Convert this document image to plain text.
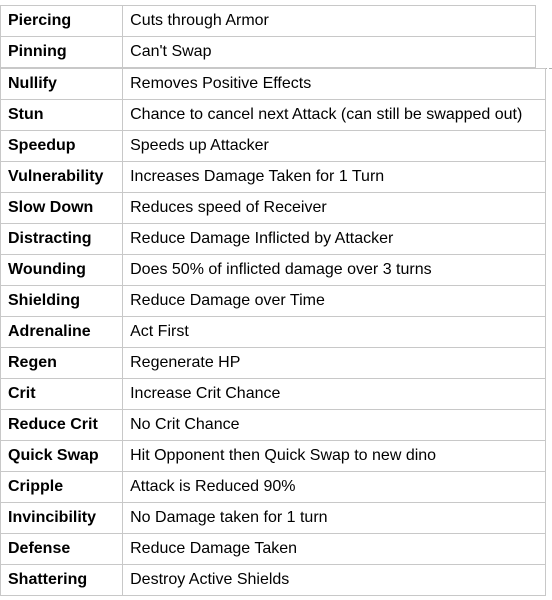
Piercing	Cuts through Armor
Pinning	Can't Swap
Nullify	Removes Positive Effects
Stun	Chance to cancel next Attack (can still be swapped out)
Speedup	Speeds up Attacker
Vulnerability	Increases Damage Taken for 1 Turn
Slow Down	Reduces speed of Receiver
Distracting	Reduce Damage Inflicted by Attacker
Wounding	Does 50% of inflicted damage over 3 turns
Shielding	Reduce Damage over Time
Adrenaline	Act First
Regen	Regenerate HP
Crit	Increase Crit Chance
Reduce Crit	No Crit Chance
Quick Swap	Hit Opponent then Quick Swap to new dino
Cripple	Attack is Reduced 90%
Invincibility	No Damage taken for 1 turn
Defense	Reduce Damage Taken
Shattering	Destroy Active Shields
